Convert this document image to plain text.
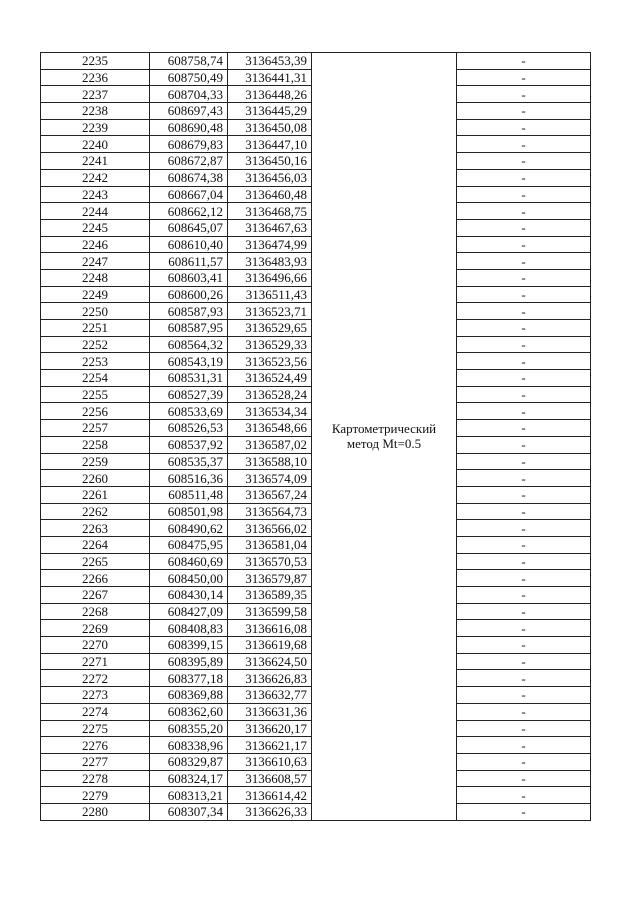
2235	608758,74	3136453,39	Картометрический
метод Mt=0.5	-
2236	608750,49	3136441,31		-
2237	608704,33	3136448,26		-
2238	608697,43	3136445,29		-
2239	608690,48	3136450,08		-
2240	608679,83	3136447,10		-
2241	608672,87	3136450,16		-
2242	608674,38	3136456,03		-
2243	608667,04	3136460,48		-
2244	608662,12	3136468,75		-
2245	608645,07	3136467,63		-
2246	608610,40	3136474,99		-
2247	608611,57	3136483,93		-
2248	608603,41	3136496,66		-
2249	608600,26	3136511,43		-
2250	608587,93	3136523,71		-
2251	608587,95	3136529,65		-
2252	608564,32	3136529,33		-
2253	608543,19	3136523,56		-
2254	608531,31	3136524,49		-
2255	608527,39	3136528,24		-
2256	608533,69	3136534,34		-
2257	608526,53	3136548,66		-
2258	608537,92	3136587,02		-
2259	608535,37	3136588,10		-
2260	608516,36	3136574,09		-
2261	608511,48	3136567,24		-
2262	608501,98	3136564,73		-
2263	608490,62	3136566,02		-
2264	608475,95	3136581,04		-
2265	608460,69	3136570,53		-
2266	608450,00	3136579,87		-
2267	608430,14	3136589,35		-
2268	608427,09	3136599,58		-
2269	608408,83	3136616,08		-
2270	608399,15	3136619,68		-
2271	608395,89	3136624,50		-
2272	608377,18	3136626,83		-
2273	608369,88	3136632,77		-
2274	608362,60	3136631,36		-
2275	608355,20	3136620,17		-
2276	608338,96	3136621,17		-
2277	608329,87	3136610,63		-
2278	608324,17	3136608,57		-
2279	608313,21	3136614,42		-
2280	608307,34	3136626,33		-
